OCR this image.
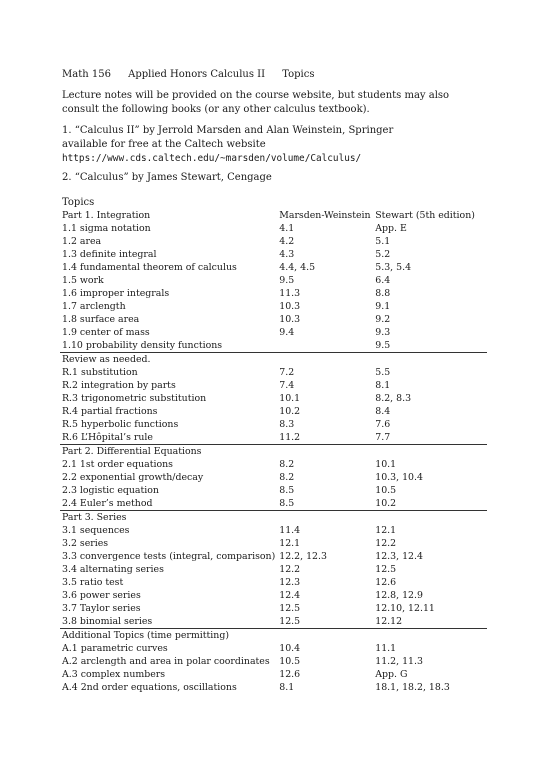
Math 156 Applied Honors Calculus II Topics
Lecture notes will be provided on the course website, but students may also consult the following books (or any other calculus textbook).
1. “Calculus II” by Jerrold Marsden and Alan Weinstein, Springer
available for free at the Caltech website
https://www.cds.caltech.edu/~marsden/volume/Calculus/
2. “Calculus” by James Stewart, Cengage
Topics
Part 1. Integration	Marsden-Weinstein	Stewart (5th edition)
1.1 sigma notation	4.1	App. E
1.2 area	4.2	5.1
1.3 definite integral	4.3	5.2
1.4 fundamental theorem of calculus	4.4, 4.5	5.3, 5.4
1.5 work	9.5	6.4
1.6 improper integrals	11.3	8.8
1.7 arclength	10.3	9.1
1.8 surface area	10.3	9.2
1.9 center of mass	9.4	9.3
1.10 probability density functions		9.5
Review as needed.		
R.1 substitution	7.2	5.5
R.2 integration by parts	7.4	8.1
R.3 trigonometric substitution	10.1	8.2, 8.3
R.4 partial fractions	10.2	8.4
R.5 hyperbolic functions	8.3	7.6
R.6 L’Hôpital’s rule	11.2	7.7
Part 2. Differential Equations		
2.1 1st order equations	8.2	10.1
2.2 exponential growth/decay	8.2	10.3, 10.4
2.3 logistic equation	8.5	10.5
2.4 Euler’s method	8.5	10.2
Part 3. Series		
3.1 sequences	11.4	12.1
3.2 series	12.1	12.2
3.3 convergence tests (integral, comparison)	12.2, 12.3	12.3, 12.4
3.4 alternating series	12.2	12.5
3.5 ratio test	12.3	12.6
3.6 power series	12.4	12.8, 12.9
3.7 Taylor series	12.5	12.10, 12.11
3.8 binomial series	12.5	12.12
Additional Topics (time permitting)		
A.1 parametric curves	10.4	11.1
A.2 arclength and area in polar coordinates	10.5	11.2, 11.3
A.3 complex numbers	12.6	App. G
A.4 2nd order equations, oscillations	8.1	18.1, 18.2, 18.3
